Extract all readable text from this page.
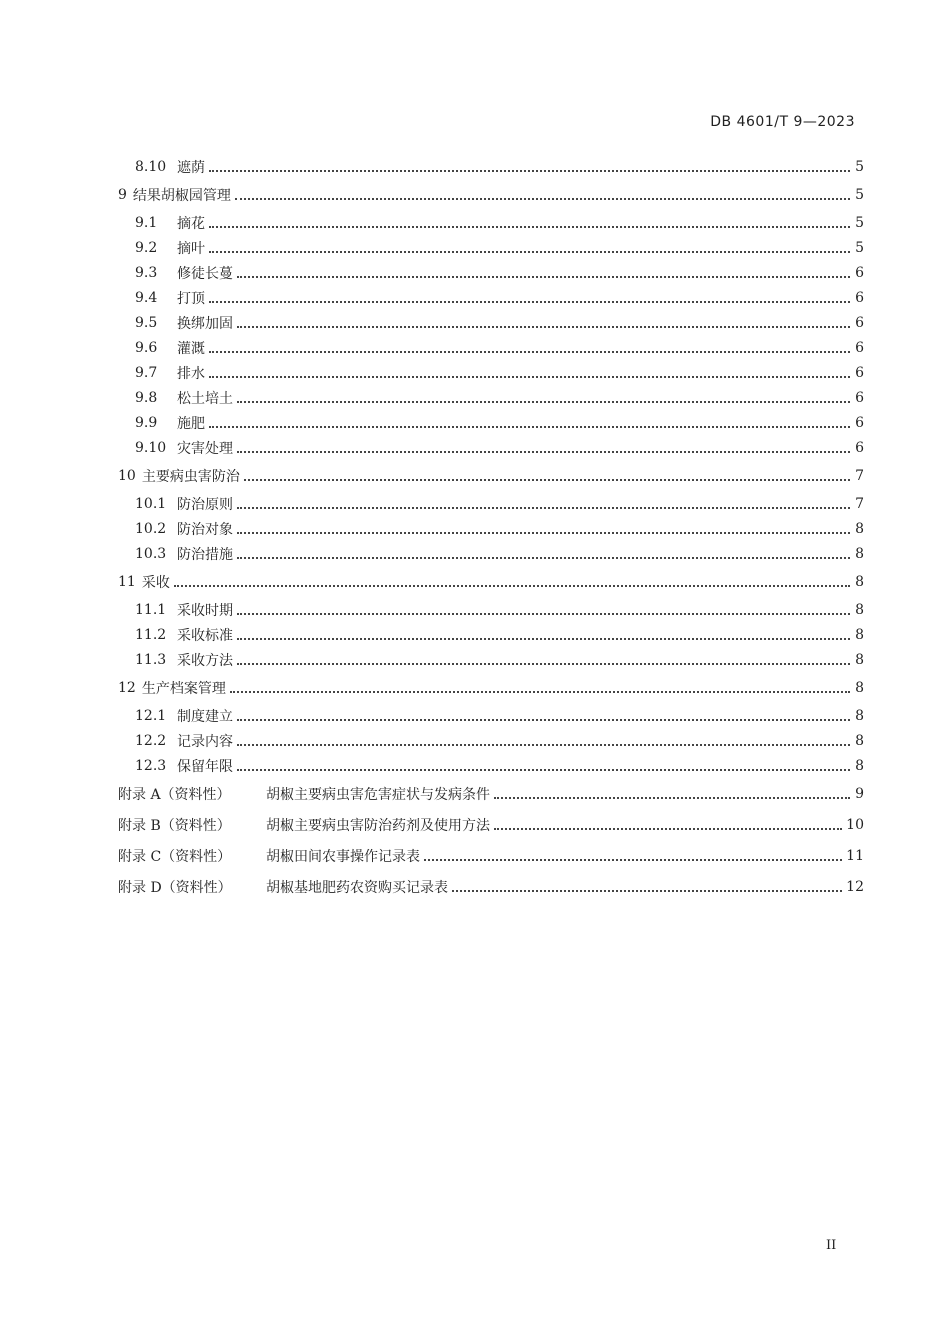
DB 4601/T 9—2023
8.10 遮荫	5
9 结果胡椒园管理	5
9.1	摘花	5
9.2	摘叶	5
9.3	修徒长蔓	6
9.4	打顶	6
9.5	换绑加固	6
9.6	灌溉	6
9.7	排水	6
9.8	松土培土	6
9.9	施肥	6
9.10 灾害处理	6
10 主要病虫害防治	7
10.1 防治原则	7
10.2 防治对象	8
10.3 防治措施	8
11 采收	8
11.1 采收时期	8
11.2 采收标准	8
11.3 采收方法	8
12 生产档案管理	8
12.1 制度建立	8
12.2 记录内容	8
12.3 保留年限	8
附录 A（资料性）	胡椒主要病虫害危害症状与发病条件	9
附录 B（资料性）	胡椒主要病虫害防治药剂及使用方法	10
附录 C（资料性）	胡椒田间农事操作记录表	11
附录 D（资料性）	胡椒基地肥药农资购买记录表	12
II
